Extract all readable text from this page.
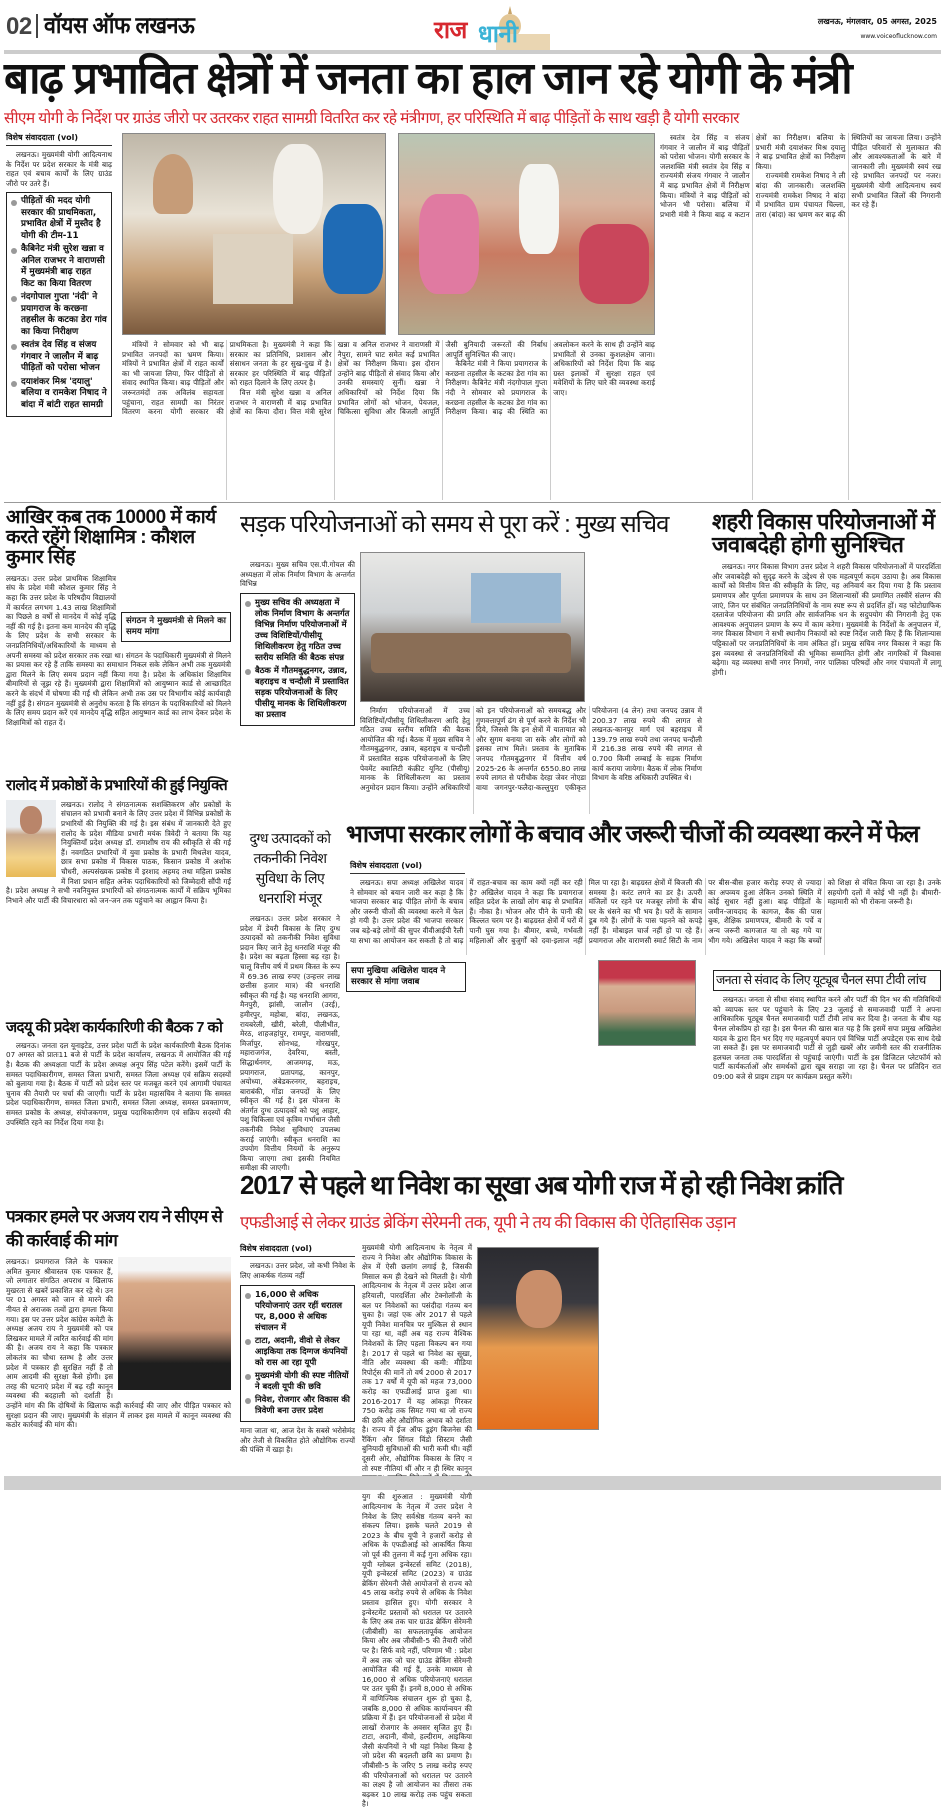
02 वॉयस ऑफ लखनऊ	राज धानी	लखनऊ, मंगलवार, 05 अगस्त, 2025
www.voiceoflucknow.com
बाढ़ प्रभावित क्षेत्रों में जनता का हाल जान रहे योगी के मंत्री
सीएम योगी के निर्देश पर ग्राउंड जीरो पर उतरकर राहत सामग्री वितरित कर रहे मंत्रीगण, हर परिस्थिति में बाढ़ पीड़ितों के साथ खड़ी है योगी सरकार
विशेष संवाददाता (vol)
लखनऊ। मुख्यमंत्री योगी आदित्यनाथ के निर्देश पर प्रदेश सरकार के मंत्री बाढ़ राहत एवं बचाव कार्यों के लिए ग्राउंड जीरो पर उतरे हैं।
पीड़ितों की मदद योगी सरकार की प्राथमिकता, प्रभावित क्षेत्रों में मुस्तैद है योगी की टीम-11
कैबिनेट मंत्री सुरेश खन्ना व अनिल राजभर ने वाराणसी में मुख्यमंत्री बाढ़ राहत किट का किया वितरण
नंदगोपाल गुप्ता 'नंदी' ने प्रयागराज के करछना तहसील के कटका डेरा गांव का किया निरीक्षण
स्वतंत्र देव सिंह व संजय गंगवार ने जालौन में बाढ़ पीड़ितों को परोसा भोजन
दयाशंकर मिश्र 'दयालु' बलिया व रामकेश निषाद ने बांदा में बांटी राहत सामग्री

मंत्रियों ने सोमवार को भी बाढ़ प्रभावित जनपदों का भ्रमण किया। मंत्रियों ने प्रभावित क्षेत्रों में राहत कार्यों का भी जायजा लिया, फिर पीड़ितों से संवाद स्थापित किया। बाढ़ पीड़ितों और जरूरतमंदों तक अविलंब सहायता पहुंचाना, राहत सामग्री का निरंतर वितरण करना योगी सरकार की प्राथमिकता है। मुख्यमंत्री ने कहा कि सरकार का प्रतिनिधि, प्रशासन और संसाधन जनता के हर सुख-दुख में है। सरकार हर परिस्थिति में बाढ़ पीड़ितों को राहत दिलाने के लिए तत्पर है।

वित्त मंत्री सुरेश खन्ना व अनिल राजभर ने वाराणसी में बाढ़ प्रभावित क्षेत्रों का किया दौरा। वित्त मंत्री सुरेश खन्ना व अनिल राजभर ने वाराणसी में नैपुरा, सामने घाट समेत कई प्रभावित क्षेत्रों का निरीक्षण किया। इस दौरान उन्होंने बाढ़ पीड़ितों से संवाद किया और उनकी समस्याएं सुनीं। खन्ना ने अधिकारियों को निर्देश दिया कि प्रभावित लोगों को भोजन, पेयजल, चिकित्सा सुविधा और बिजली आपूर्ति जैसी बुनियादी जरूरतों की निर्बाध आपूर्ति सुनिश्चित की जाए।

कैबिनेट मंत्री ने किया प्रयागराज के करछना तहसील के कटका डेरा गांव का निरीक्षण। कैबिनेट मंत्री नंदगोपाल गुप्ता नंदी ने सोमवार को प्रयागराज के करछना तहसील के कटका डेरा गांव का निरीक्षण किया। बाढ़ की स्थिति का अवलोकन करने के साथ ही उन्होंने बाढ़ प्रभावितों से उनका कुशलक्षेम जाना। अधिकारियों को निर्देश दिया कि बाढ़ ग्रस्त इलाकों में सुरक्षा राहत एवं मवेशियों के लिए चारे की व्यवस्था कराई जाए।

स्वतंत्र देव सिंह व संजय गंगवार ने जालौन में बाढ़ पीड़ितों को परोसा भोजन। योगी सरकार के जलशक्ति मंत्री स्वतंत्र देव सिंह व राज्यमंत्री संजय गंगवार ने जालौन में बाढ़ प्रभावित क्षेत्रों में निरीक्षण किया। मंत्रियों ने बाढ़ पीड़ितों को भोजन भी परोसा। बलिया में प्रभारी मंत्री ने किया बाढ़ व कटान क्षेत्रों का निरीक्षण। बलिया के प्रभारी मंत्री दयाशंकर मिश्र दयालु ने बाढ़ प्रभावित क्षेत्रों का निरीक्षण किया।

राज्यमंत्री रामकेश निषाद ने ली बांदा की जानकारी। जलशक्ति राज्यमंत्री रामकेश निषाद ने बांदा में प्रभावित ग्राम पंचायत चिल्ला, तारा (बांदा) का भ्रमण कर बाढ़ की स्थितियों का जायजा लिया। उन्होंने पीड़ित परिवारों से मुलाकात की और आवश्यकताओं के बारे में जानकारी ली। मुख्यमंत्री स्वयं रख रहे प्रभावित जनपदों पर नजर। मुख्यमंत्री योगी आदित्यनाथ स्वयं सभी प्रभावित जिलों की निगरानी कर रहे हैं।

आखिर कब तक 10000 में कार्य करते रहेंगे शिक्षामित्र : कौशल कुमार सिंह
संगठन ने मुख्यमंत्री से मिलने का समय मांगा
लखनऊ। उत्तर प्रदेश प्राथमिक शिक्षामित्र संघ के प्रदेश मंत्री कौशल कुमार सिंह ने कहा कि उत्तर प्रदेश के परिषदीय विद्यालयों में कार्यरत लगभग 1.43 लाख शिक्षामित्रों का पिछले 8 वर्षों से मानदेय में कोई वृद्धि नहीं की गई है। इतना कम मानदेय की वृद्धि के लिए प्रदेश के सभी सरकार के जनप्रतिनिधियों/अधिकारियों के माध्यम से अपनी समस्या को प्रदेश सरकार तक रखा था। संगठन के पदाधिकारी मुख्यमंत्री से मिलने का प्रयास कर रहे हैं ताकि समस्या का समाधान निकल सके लेकिन अभी तक मुख्यमंत्री द्वारा मिलने के लिए समय प्रदान नहीं किया गया है। प्रदेश के अधिकांश शिक्षामित्र बीमारियों से जूझ रहे हैं। मुख्यमंत्री द्वारा शिक्षामित्रों को आयुष्मान कार्ड से आच्छादित करने के संदर्भ में घोषणा की गई थी लेकिन अभी तक उस पर विभागीय कोई कार्यवाही नहीं हुई है। संगठन मुख्यमंत्री से अनुरोध करता है कि संगठन के पदाधिकारियों को मिलने के लिए समय प्रदान करें एवं मानदेय वृद्धि सहित आयुष्मान कार्ड का लाभ देकर प्रदेश के शिक्षामित्रों को राहत दें।
सड़क परियोजनाओं को समय से पूरा करें : मुख्य सचिव
लखनऊ। मुख्य सचिव एस.पी.गोयल की अध्यक्षता में लोक निर्माण विभाग के अन्तर्गत विभिन्न
मुख्य सचिव की अध्यक्षता में लोक निर्माण विभाग के अन्तर्गत विभिन्न निर्माण परियोजनाओं में उच्च विशिष्टियों/पीसीयू शिथिलीकरण हेतु गठित उच्च स्तरीय समिति की बैठक संपन्न
बैठक में गौतमबुद्धनगर, उन्नाव, बहराइच व चन्दौली में प्रस्तावित सड़क परियोजनाओं के लिए पीसीयू मानक के शिथिलीकरण का प्रस्ताव	निर्माण परियोजनाओं में उच्च विशिष्टियों/पीसीयू शिथिलीकरण आदि हेतु गठित उच्च स्तरीय समिति की बैठक आयोजित की गई। बैठक में मुख्य सचिव ने गौतमबुद्धनगर, उन्नाव, बहराइच व चन्दौली में प्रस्तावित सड़क परियोजनाओं के लिए पेवमेंट क्वालिटी कंक्रीट यूनिट (पीसीयू) मानक के शिथिलीकरण का प्रस्ताव अनुमोदन प्रदान किया। उन्होंने अधिकारियों को इन परियोजनाओं को समयबद्ध और गुणवत्तापूर्ण ढंग से पूर्ण करने के निर्देश भी दिये, जिससे कि इन क्षेत्रों में यातायात को और सुगम बनाया जा सके और लोगों को इसका लाभ मिले। प्रस्ताव के मुताबिक जनपद गौतमबुद्धनगर में वित्तीय वर्ष 2025-26 के अन्तर्गत 6550.80 लाख रुपये लागत से परीचौक देरहा जेवर नोएडा वाया जगनपुर-फलैदा-कल्लुपुरा एकीकृत परियोजना (4 लेन) तथा जनपद उन्नाव में 200.37 लाख रुपये की लागत से लखनऊ-कानपुर मार्ग एवं बहराइच में 139.79 लाख रुपये तथा जनपद चन्दौली में 216.38 लाख रुपये की लागत से 0.700 किमी लम्बाई के सड़क निर्माण कार्य कराया जायेगा। बैठक में लोक निर्माण विभाग के वरिष्ठ अधिकारी उपस्थित थे।
शहरी विकास परियोजनाओं में जवाबदेही होगी सुनिश्चित
लखनऊ। नगर विकास विभाग उत्तर प्रदेश ने शहरी विकास परियोजनाओं में पारदर्शिता और जवाबदेही को सुदृढ़ करने के उद्देश्य से एक महत्वपूर्ण कदम उठाया है। अब विकास कार्यों को वित्तीय वित्त की स्वीकृति के लिए, यह अनिवार्य कर दिया गया है कि प्रस्ताव प्रमाणपत्र और पूर्णता प्रमाणपत्र के साथ उन शिलान्यासों की प्रमाणित तस्वीरें संलग्न की जाएं, जिन पर संबंधित जनप्रतिनिधियों के नाम स्पष्ट रूप से प्रदर्शित हों। यह फोटोग्राफिक दस्तावेज परियोजना की प्रगति और सार्वजनिक धन के सदुपयोग की निगरानी हेतु एक आवश्यक अनुपालन प्रमाण के रूप में काम करेगा। मुख्यमंत्री के निर्देशों के अनुपालन में, नगर विकास विभाग ने सभी स्थानीय निकायों को स्पष्ट निर्देश जारी किए हैं कि शिलान्यास पट्टिकाओं पर जनप्रतिनिधियों के नाम अंकित हों। प्रमुख सचिव नगर विकास ने कहा कि इस व्यवस्था से जनप्रतिनिधियों की भूमिका सम्मानित होगी और नागरिकों में विश्वास बढ़ेगा। यह व्यवस्था सभी नगर निगमों, नगर पालिका परिषदों और नगर पंचायतों में लागू होगी।
रालोद में प्रकोष्ठों के प्रभारियों की हुई नियुक्ति
लखनऊ। रालोद ने संगठनात्मक सशक्तिकरण और प्रकोष्ठों के संचालन को प्रभावी बनाने के लिए उत्तर प्रदेश में विभिन्न प्रकोष्ठों के प्रभारियों की नियुक्ति की गई है। इस संबंध में जानकारी देते हुए रालोद के प्रदेश मीडिया प्रभारी मयंक त्रिवेदी ने बताया कि यह नियुक्तियाँ प्रदेश अध्यक्ष डॉ. रामाशीष राय की स्वीकृति से की गई हैं। नवगठित प्रभारियों में युवा प्रकोष्ठ के प्रभारी मिथलेश यादव, छात्र सभा प्रकोष्ठ में विकास पाठक, किसान प्रकोष्ठ में अशोक चौधरी, अल्पसंख्यक प्रकोष्ठ में इरशाद अहमद तथा महिला प्रकोष्ठ में निशा प्रधान सहित अनेक पदाधिकारियों को जिम्मेदारी सौंपी गई है। प्रदेश अध्यक्ष ने सभी नवनियुक्त प्रभारियों को संगठनात्मक कार्यों में सक्रिय भूमिका निभाने और पार्टी की विचारधारा को जन-जन तक पहुंचाने का आह्वान किया है।
जदयू की प्रदेश कार्यकारिणी की बैठक 7 को
लखनऊ। जनता दल यूनाइटेड, उत्तर प्रदेश पार्टी के प्रदेश कार्यकारिणी बैठक दिनांक 07 अगस्त को प्रातः11 बजे से पार्टी के प्रदेश कार्यालय, लखनऊ में आयोजित की गई है। बैठक की अध्यक्षता पार्टी के प्रदेश अध्यक्ष अनूप सिंह पटेल करेंगे। इसमें पार्टी के समस्त पदाधिकारीगण, समस्त जिला प्रभारी, समस्त जिला अध्यक्ष एवं सक्रिय सदस्यों को बुलाया गया है। बैठक में पार्टी को प्रदेश स्तर पर मजबूत करने एवं आगामी पंचायत चुनाव की तैयारी पर चर्चा की जाएगी। पार्टी के प्रदेश महासचिव ने बताया कि समस्त प्रदेश पदाधिकारीगण, समस्त जिला प्रभारी, समस्त जिला अध्यक्ष, समस्त प्रवक्तागण, समस्त प्रकोष्ठ के अध्यक्ष, संयोजकगण, प्रमुख पदाधिकारीगण एवं सक्रिय सदस्यों की उपस्थिति रहने का निर्देश दिया गया है।
दुग्ध उत्पादकों को तकनीकी निवेश सुविधा के लिए धनराशि मंजूर
लखनऊ। उत्तर प्रदेश सरकार ने प्रदेश में डेयरी विकास के लिए दुग्ध उत्पादकों को तकनीकी निवेश सुविधा प्रदान किए जाने हेतु धनराशि मंजूर की है। प्रदेश का बढ़ता हिस्सा बढ़ रहा है। चालू वित्तीय वर्ष में प्रथम किस्त के रूप में 69.36 लाख रुपए (उन्हत्तर लाख छत्तीस हजार मात्र) की धनराशि स्वीकृत की गई है। यह धनराशि आगरा, मैनपुरी, झांसी, जालौन (उरई), हमीरपुर, महोबा, बांदा, लखनऊ, रायबरेली, खीरी, बरेली, पीलीभीत, मेरठ, शाहजहांपुर, रामपुर, वाराणसी, मिर्जापुर, सोनभद्र, गोरखपुर, महाराजगंज, देवरिया, बस्ती, सिद्धार्थनगर, आजमगढ़, मऊ, प्रयागराज, प्रतापगढ़, कानपुर, अयोध्या, अंबेडकरनगर, बहराइच, बाराबंकी, गोंडा जनपदों के लिए स्वीकृत की गई है। इस योजना के अंतर्गत दुग्ध उत्पादकों को पशु आहार, पशु चिकित्सा एवं कृत्रिम गर्भाधान जैसी तकनीकी निवेश सुविधाएं उपलब्ध कराई जाएंगी। स्वीकृत धनराशि का उपयोग वित्तीय नियमों के अनुरूप किया जाएगा तथा इसकी नियमित समीक्षा की जाएगी।
भाजपा सरकार लोगों के बचाव और जरूरी चीजों की व्यवस्था करने में फेल
विशेष संवाददाता (vol)
लखनऊ। सपा अध्यक्ष अखिलेश यादव ने सोमवार को बयान जारी कर कहा है कि भाजपा सरकार बाढ़ पीड़ित लोगों के बचाव और जरूरी चीजों की व्यवस्था करने में फेल हो गयी है। उत्तर प्रदेश की भाजपा सरकार जब बड़े-बड़े लोगों की सुपर वीवीआईपी रैली या सभा का आयोजन कर सकती है तो बाढ़ में राहत-बचाव का काम क्यों नहीं कर रही है? अखिलेश यादव ने कहा कि प्रयागराज सहित प्रदेश के लाखों लोग बाढ़ से प्रभावित हैं। नौका है। भोजन और पीने के पानी की किल्लत चरम पर है। बाढ़ग्रस्त क्षेत्रों में घरों में पानी घुस गया है। बीमार, बच्चे, गर्भवती महिलाओं और बुजुर्गों को दवा-इलाज नहीं मिल पा रहा है। बाढ़ग्रस्त क्षेत्रों में बिजली की समस्या है। करंट लगने का डर है। ऊपरी मंजिलों पर रहने पर मजबूर लोगों के बीच घर के धंसने का भी भय है। घरों के सामान डूब गये हैं। लोगों के पास पहनने को कपड़े नहीं हैं। मोबाइल चार्ज नहीं हो पा रहे हैं। प्रयागराज और वाराणसी स्मार्ट सिटी के नाम पर बीस-बीस हजार करोड़ रुपए से ज्यादा का अपव्यय हुआ लेकिन उनको स्थिति में कोई सुधार नहीं हुआ। बाढ़ पीड़ितों के जमीन-जायदाद के कागज, बैंक की पास बुक, शैक्षिक प्रमाणपत्र, बीमारी के पर्चे व अन्य जरूरी कागजात या तो बह गये या भीग गये। अखिलेश यादव ने कहा कि बच्चों को शिक्षा से वंचित किया जा रहा है। उनके सहयोगी दलों में कोई भी नहीं है। बीमारी-महामारी को भी रोकना जरूरी है।
सपा मुखिया अखिलेश यादव ने सरकार से मांगा जवाब	जनता से संवाद के लिए यूट्यूब चैनल सपा टीवी लांच
लखनऊ। जनता से सीधा संवाद स्थापित करने और पार्टी की दिन भर की गतिविधियों को व्यापक स्तर पर पहुंचाने के लिए 23 जुलाई से समाजवादी पार्टी ने अपना आधिकारिक यूट्यूब चैनल समाजवादी पार्टी टीवी लांच कर दिया है। जनता के बीच यह चैनल लोकप्रिय हो रहा है। इस चैनल की खास बात यह है कि इसमें सपा प्रमुख अखिलेश यादव के द्वारा दिन भर दिए गए महत्वपूर्ण बयान एवं विभिन्न पार्टी अपडेट्स एक साथ देखे जा सकते हैं। इस पर समाजवादी पार्टी से जुड़ी खबरें और जमीनी स्तर की राजनीतिक हलचल जनता तक पारदर्शिता से पहुंचाई जाएंगी। पार्टी के इस डिजिटल प्लेटफॉर्म को पार्टी कार्यकर्ताओं और समर्थकों द्वारा खूब सराहा जा रहा है। चैनल पर प्रतिदिन रात 09:00 बजे से प्राइम टाइम पर कार्यक्रम प्रस्तुत करेंगे।
2017 से पहले था निवेश का सूखा अब योगी राज में हो रही निवेश क्रांति
एफडीआई से लेकर ग्राउंड ब्रेकिंग सेरेमनी तक, यूपी ने तय की विकास की ऐतिहासिक उड़ान
विशेष संवाददाता (vol)
लखनऊ। उत्तर प्रदेश, जो कभी निवेश के लिए आकर्षक गंतव्य नहीं
16,000 से अधिक परियोजनाएं उतर रहीं धरातल पर, 8,000 से अधिक संचालन में
टाटा, अदानी, वीवो से लेकर आइकिया तक दिग्गज कंपनियों को रास आ रहा यूपी
मुख्यमंत्री योगी की स्पष्ट नीतियों ने बदली यूपी की छवि
निवेश, रोजगार और विकास की त्रिवेणी बना उत्तर प्रदेश
माना जाता था, आज देश के सबसे भरोसेमंद और तेजी से विकसित होते औद्योगिक राज्यों की पंक्ति में खड़ा है।
मुख्यमंत्री योगी आदित्यनाथ के नेतृत्व में राज्य ने निवेश और औद्योगिक विकास के क्षेत्र में ऐसी छलांग लगाई है, जिसकी मिसाल कम ही देखने को मिलती है। योगी आदित्यनाथ के नेतृत्व में उत्तर प्रदेश आज हरियाली, पारदर्शिता और टेक्नोलॉजी के बल पर निवेशकों का पसंदीदा गंतव्य बन चुका है। जहां एक ओर 2017 से पहले यूपी निवेश मानचित्र पर मुश्किल से स्थान पा रहा था, वहीं अब यह राज्य वैश्विक निवेशकों के लिए पहला विकल्प बन गया है। 2017 से पहले था निवेश का सूखा, नीति और व्यवस्था की कमी: मीडिया रिपोर्ट्स की मानें तो वर्ष 2000 से 2017 तक 17 वर्षों में यूपी को महज 73,000 करोड़ का एफडीआई प्राप्त हुआ था। 2016-2017 में यह आंकड़ा गिरकर 750 करोड़ तक सिमट गया था जो राज्य की छवि और औद्योगिक अभाव को दर्शाता है। राज्य में ईज ऑफ डूइंग बिजनेस की रैंकिंग और सिंगल विंडो सिस्टम जैसी बुनियादी सुविधाओं की भारी कमी थी। वहीं दूसरी ओर, औद्योगिक विकास के लिए न तो स्पष्ट नीतियां थीं और न ही स्थिर कानून युग की शुरुआत : मुख्यमंत्री योगी आदित्यनाथ के नेतृत्व में उत्तर प्रदेश ने निवेश के लिए सर्वश्रेष्ठ गंतव्य बनने का संकल्प लिया। इसके चलते 2019 से 2023 के बीच यूपी ने हजारों करोड़ से अधिक के एफडीआई को आकर्षित किया जो पूर्व की तुलना में कई गुना अधिक रहा। यूपी ग्लोबल इन्वेस्टर्स समिट (2018), यूपी इन्वेस्टर्स समिट (2023) व ग्राउंड ब्रेकिंग सेरेमनी जैसे आयोजनों से राज्य को 45 लाख करोड़ रुपये से अधिक के निवेश प्रस्ताव हासिल हुए। योगी सरकार ने इन्वेस्टमेंट प्रस्तावों को धरातल पर उतारने के लिए अब तक चार ग्राउंड ब्रेकिंग सेरेमनी (जीबीसी) का सफलतापूर्वक आयोजन किया और अब जीबीसी-5 की तैयारी जोरों पर है। सिर्फ वादे नहीं, परिणाम भी : प्रदेश में अब तक जो चार ग्राउंड ब्रेकिंग सेरेमनी आयोजित की गई हैं, उनके माध्यम से 16,000 से अधिक परियोजनाएं धरातल पर उतर चुकी हैं। इनमें 8,000 से अधिक में वाणिज्यिक संचालन शुरू हो चुका है, जबकि 8,000 से अधिक कार्यान्वयन की प्रक्रिया में हैं। इन परियोजनाओं से प्रदेश में लाखों रोजगार के अवसर सृजित हुए हैं। टाटा, अदानी, वीवो, हल्दीराम, आइकिया जैसी कंपनियों ने भी यहां निवेश किया है जो प्रदेश की बदलती छवि का प्रमाण है। जीबीसी-5 के जरिए 5 लाख करोड़ रुपए की परियोजनाओं को धरातल पर उतारने का लक्ष्य है जो आयोजन का तीसरा तक बढ़कर 10 लाख करोड़ तक पहुंच सकता है।
पत्रकार हमले पर अजय राय ने सीएम से की कार्रवाई की मांग
लखनऊ। प्रयागराज जिले के पत्रकार अमित कुमार श्रीवास्तव एक पत्रकार हैं, जो लगातार संगठित अपराध व खिलाफ मुखरता से खबरें प्रकाशित कर रहे थे। उन पर 01 अगस्त को जान से मारने की नीयत से अराजक तत्वों द्वारा हमला किया गया। इस पर उत्तर प्रदेश कांग्रेस कमेटी के अध्यक्ष अजय राय ने मुख्यमंत्री को पत्र लिखकर मामले में त्वरित कार्रवाई की मांग की है। अजय राय ने कहा कि पत्रकार लोकतंत्र का चौथा स्तम्भ है और उत्तर प्रदेश में पत्रकार ही सुरक्षित नहीं हैं तो आम आदमी की सुरक्षा कैसे होगी। इस तरह की घटनाएं प्रदेश में बढ़ रही कानून व्यवस्था की बदहाली को दर्शाती हैं। उन्होंने मांग की कि दोषियों के खिलाफ कड़ी कार्रवाई की जाए और पीड़ित पत्रकार को सुरक्षा प्रदान की जाए। मुख्यमंत्री के संज्ञान में लाकर इस मामले में कानून व्यवस्था की कठोर कार्रवाई की मांग की।
